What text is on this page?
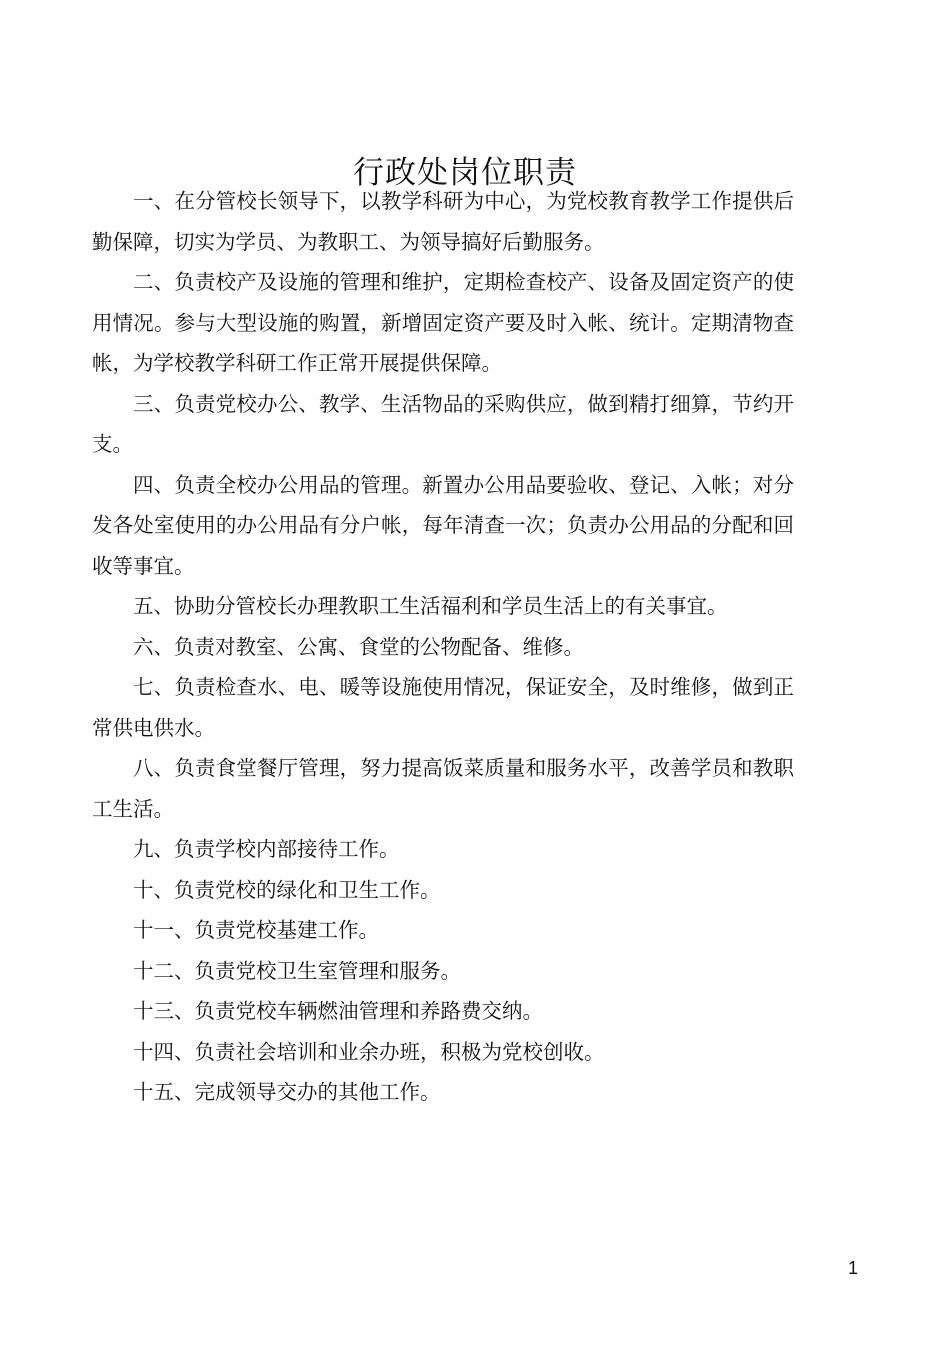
行政处岗位职责

一、在分管校长领导下，以教学科研为中心，为党校教育教学工作提供后勤保障，切实为学员、为教职工、为领导搞好后勤服务。

二、负责校产及设施的管理和维护，定期检查校产、设备及固定资产的使用情况。参与大型设施的购置，新增固定资产要及时入帐、统计。定期清物查帐，为学校教学科研工作正常开展提供保障。

三、负责党校办公、教学、生活物品的采购供应，做到精打细算，节约开支。

四、负责全校办公用品的管理。新置办公用品要验收、登记、入帐；对分发各处室使用的办公用品有分户帐，每年清查一次；负责办公用品的分配和回收等事宜。

五、协助分管校长办理教职工生活福利和学员生活上的有关事宜。

六、负责对教室、公寓、食堂的公物配备、维修。

七、负责检查水、电、暖等设施使用情况，保证安全，及时维修，做到正常供电供水。

八、负责食堂餐厅管理，努力提高饭菜质量和服务水平，改善学员和教职工生活。

九、负责学校内部接待工作。

十、负责党校的绿化和卫生工作。

十一、负责党校基建工作。

十二、负责党校卫生室管理和服务。

十三、负责党校车辆燃油管理和养路费交纳。

十四、负责社会培训和业余办班，积极为党校创收。

十五、完成领导交办的其他工作。

1
